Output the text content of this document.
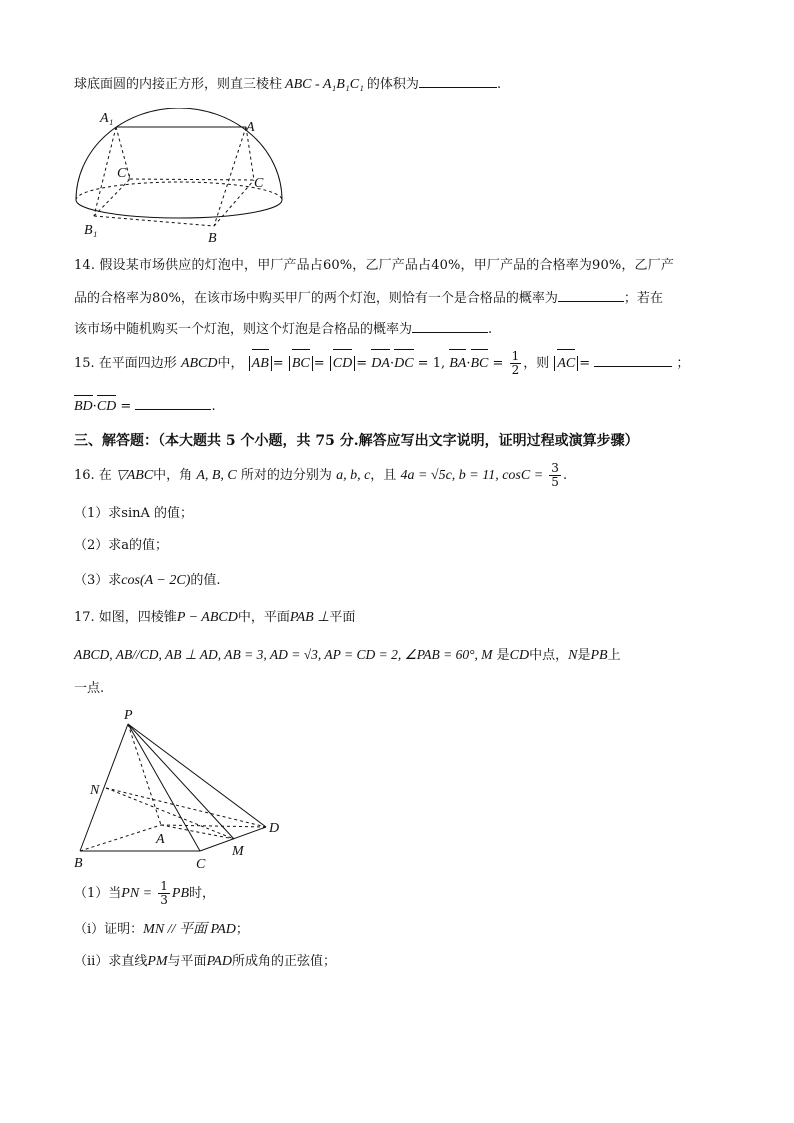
球底面圆的内接正方形，则直三棱柱 ABC - A₁B₁C₁ 的体积为	.
A₁
A
C₁
C
B₁
B
14. 假设某市场供应的灯泡中，甲厂产品占60%，乙厂产品占40%，甲厂产品的合格率为90%，乙厂产
品的合格率为80%，在该市场中购买甲厂的两个灯泡，则恰有一个是合格品的概率为	；若在
该市场中随机购买一个灯泡，则这个灯泡是合格品的概率为	.
15. 在平面四边形 ABCD中， AB = BC = CD = DA·DC = 1, $BA\cdot BC = \frac{1}{2}$ ，则 AC =	；
BD·CD =	.
三、解答题：（本大题共 5 个小题，共 75 分.解答应写出文字说明，证明过程或演算步骤）
16. 在 ▽ABC中，角 A, B, C 所对的边分别为 a, b, c，且 4a = √5c, b = 11, $\cos C = \frac{3}{5}$ .
（1）求sinA 的值；
（2）求a的值；
（3）求cos(A − 2C)的值.
17. 如图，四棱锥P − ABCD中，平面PAB ⊥平面
ABCD, AB//CD, AB ⊥ AD, AB = 3, AD = √3, AP = CD = 2, ∠PAB = 60°, M 是CD中点，N是PB上
一点.
P
N
A
D
B	C
M
（1）当PN = $\frac{1}{3}$ PB时，
（i）证明：MN // 平面 PAD；
（ii）求直线PM与平面PAD所成角的正弦值；
